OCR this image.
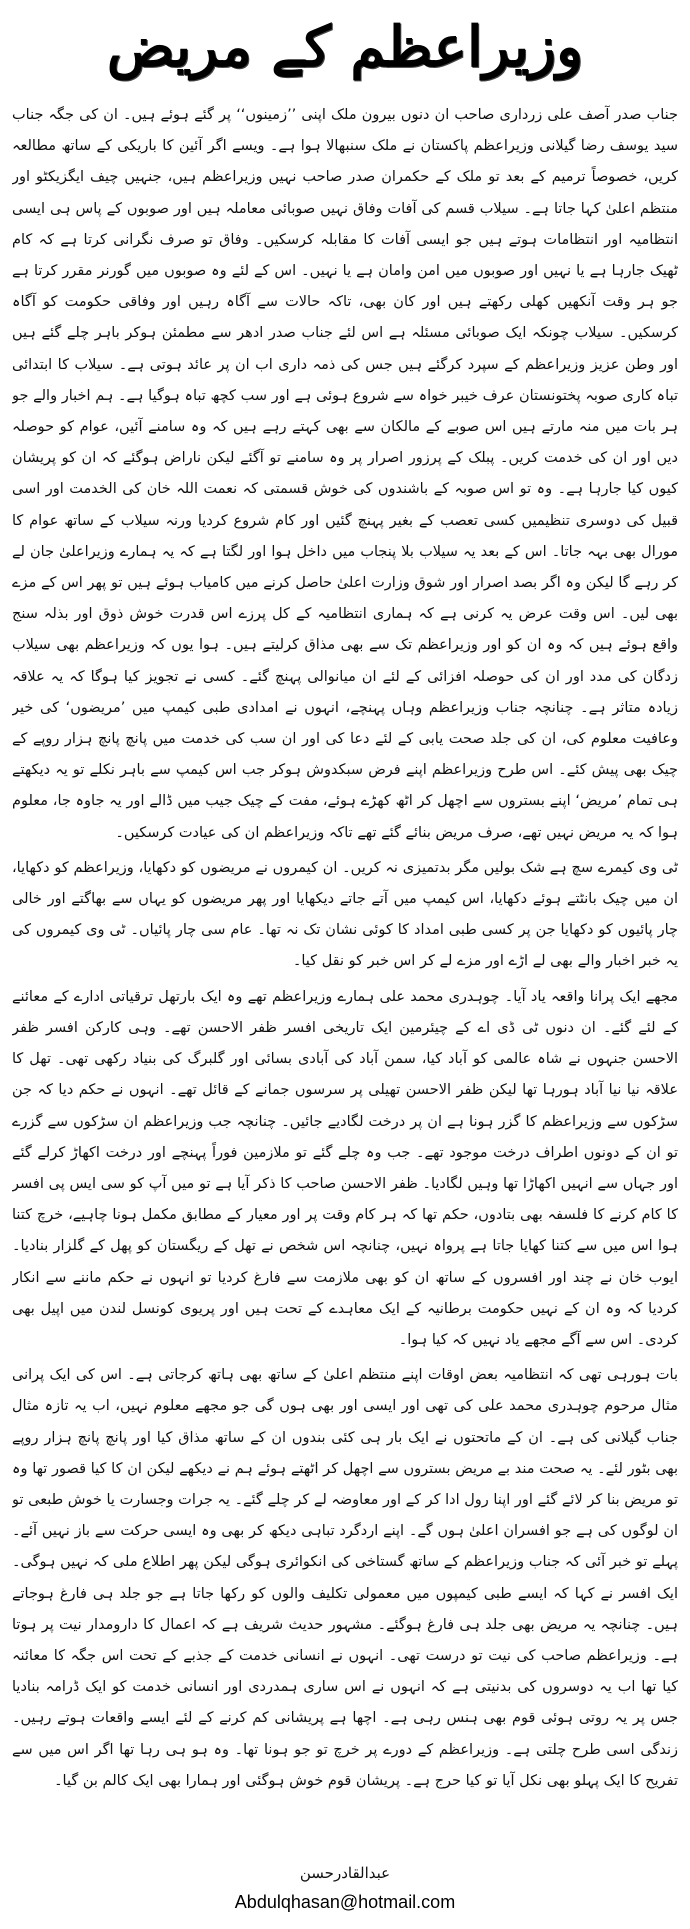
وزیراعظم کے مریض

جناب صدر آصف علی زرداری صاحب ان دنوں بیرون ملک اپنی ’’زمینوں‘‘ پر گئے ہوئے ہیں۔ ان کی جگہ جناب سید یوسف رضا گیلانی وزیراعظم پاکستان نے ملک سنبھالا ہوا ہے۔ ویسے اگر آئین کا باریکی کے ساتھ مطالعہ کریں، خصوصاً ترمیم کے بعد تو ملک کے حکمران صدر صاحب نہیں وزیراعظم ہیں، جنہیں چیف ایگزیکٹو اور منتظم اعلیٰ کہا جاتا ہے۔ سیلاب قسم کی آفات وفاق نہیں صوبائی معاملہ ہیں اور صوبوں کے پاس ہی ایسی انتظامیہ اور انتظامات ہوتے ہیں جو ایسی آفات کا مقابلہ کرسکیں۔ وفاق تو صرف نگرانی کرتا ہے کہ کام ٹھیک جارہا ہے یا نہیں اور صوبوں میں امن وامان ہے یا نہیں۔ اس کے لئے وہ صوبوں میں گورنر مقرر کرتا ہے جو ہر وقت آنکھیں کھلی رکھتے ہیں اور کان بھی، تاکہ حالات سے آگاہ رہیں اور وفاقی حکومت کو آگاہ کرسکیں۔ سیلاب چونکہ ایک صوبائی مسئلہ ہے اس لئے جناب صدر ادھر سے مطمئن ہوکر باہر چلے گئے ہیں اور وطن عزیز وزیراعظم کے سپرد کرگئے ہیں جس کی ذمہ داری اب ان پر عائد ہوتی ہے۔ سیلاب کا ابتدائی تباہ کاری صوبہ پختونستان عرف خیبر خواہ سے شروع ہوئی ہے اور سب کچھ تباہ ہوگیا ہے۔ ہم اخبار والے جو ہر بات میں منہ مارتے ہیں اس صوبے کے مالکان سے بھی کہتے رہے ہیں کہ وہ سامنے آئیں، عوام کو حوصلہ دیں اور ان کی خدمت کریں۔ پبلک کے پرزور اصرار پر وہ سامنے تو آگئے لیکن ناراض ہوگئے کہ ان کو پریشان کیوں کیا جارہا ہے۔ وہ تو اس صوبہ کے باشندوں کی خوش قسمتی کہ نعمت اللہ خان کی الخدمت اور اسی قبیل کی دوسری تنظیمیں کسی تعصب کے بغیر پہنچ گئیں اور کام شروع کردیا ورنہ سیلاب کے ساتھ عوام کا مورال بھی بہہ جاتا۔ اس کے بعد یہ سیلاب بلا پنجاب میں داخل ہوا اور لگتا ہے کہ یہ ہمارے وزیراعلیٰ جان لے کر رہے گا لیکن وہ اگر بصد اصرار اور شوق وزارت اعلیٰ حاصل کرنے میں کامیاب ہوئے ہیں تو پھر اس کے مزے بھی لیں۔ اس وقت عرض یہ کرنی ہے کہ ہماری انتظامیہ کے کل پرزے اس قدرت خوش ذوق اور بذلہ سنج واقع ہوئے ہیں کہ وہ ان کو اور وزیراعظم تک سے بھی مذاق کرلیتے ہیں۔ ہوا یوں کہ وزیراعظم بھی سیلاب زدگان کی مدد اور ان کی حوصلہ افزائی کے لئے ان میانوالی پہنچ گئے۔ کسی نے تجویز کیا ہوگا کہ یہ علاقہ زیادہ متاثر ہے۔ چنانچہ جناب وزیراعظم وہاں پہنچے، انہوں نے امدادی طبی کیمپ میں ’مریضوں‘ کی خیر وعافیت معلوم کی، ان کی جلد صحت یابی کے لئے دعا کی اور ان سب کی خدمت میں پانچ پانچ ہزار روپے کے چیک بھی پیش کئے۔ اس طرح وزیراعظم اپنے فرض سبکدوش ہوکر جب اس کیمپ سے باہر نکلے تو یہ دیکھتے ہی تمام ’مریض‘ اپنے بستروں سے اچھل کر اٹھ کھڑے ہوئے، مفت کے چیک جیب میں ڈالے اور یہ جاوہ جا، معلوم ہوا کہ یہ مریض نہیں تھے، صرف مریض بنائے گئے تھے تاکہ وزیراعظم ان کی عیادت کرسکیں۔

ٹی وی کیمرے سچ ہے شک بولیں مگر بدتمیزی نہ کریں۔ ان کیمروں نے مریضوں کو دکھایا، وزیراعظم کو دکھایا، ان میں چیک بانٹتے ہوئے دکھایا، اس کیمپ میں آتے جاتے دیکھایا اور پھر مریضوں کو یہاں سے بھاگتے اور خالی چار پائیوں کو دکھایا جن پر کسی طبی امداد کا کوئی نشان تک نہ تھا۔ عام سی چار پائیاں۔ ٹی وی کیمروں کی یہ خبر اخبار والے بھی لے اڑے اور مزے لے کر اس خبر کو نقل کیا۔

مجھے ایک پرانا واقعہ یاد آیا۔ چوہدری محمد علی ہمارے وزیراعظم تھے وہ ایک بارتھل ترقیاتی ادارے کے معائنے کے لئے گئے۔ ان دنوں ٹی ڈی اے کے چیئرمین ایک تاریخی افسر ظفر الاحسن تھے۔ وہی کارکن افسر ظفر الاحسن جنہوں نے شاہ عالمی کو آباد کیا، سمن آباد کی آبادی بسائی اور گلبرگ کی بنیاد رکھی تھی۔ تھل کا علاقہ نیا نیا آباد ہورہا تھا لیکن ظفر الاحسن تھیلی پر سرسوں جمانے کے قائل تھے۔ انہوں نے حکم دیا کہ جن سڑکوں سے وزیراعظم کا گزر ہونا ہے ان پر درخت لگادیے جائیں۔ چنانچہ جب وزیراعظم ان سڑکوں سے گزرے تو ان کے دونوں اطراف درخت موجود تھے۔ جب وہ چلے گئے تو ملازمین فوراً پہنچے اور درخت اکھاڑ کرلے گئے اور جہاں سے انہیں اکھاڑا تھا وہیں لگادیا۔ ظفر الاحسن صاحب کا ذکر آیا ہے تو میں آپ کو سی ایس پی افسر کا کام کرنے کا فلسفہ بھی بتادوں، حکم تھا کہ ہر کام وقت پر اور معیار کے مطابق مکمل ہونا چاہیے، خرچ کتنا ہوا اس میں سے کتنا کھایا جاتا ہے پرواہ نہیں، چنانچہ اس شخص نے تھل کے ریگستان کو پھل کے گلزار بنادیا۔ ایوب خان نے چند اور افسروں کے ساتھ ان کو بھی ملازمت سے فارغ کردیا تو انہوں نے حکم ماننے سے انکار کردیا کہ وہ ان کے نہیں حکومت برطانیہ کے ایک معاہدے کے تحت ہیں اور پریوی کونسل لندن میں اپیل بھی کردی۔ اس سے آگے مجھے یاد نہیں کہ کیا ہوا۔

بات ہورہی تھی کہ انتظامیہ بعض اوقات اپنے منتظم اعلیٰ کے ساتھ بھی ہاتھ کرجاتی ہے۔ اس کی ایک پرانی مثال مرحوم چوہدری محمد علی کی تھی اور ایسی اور بھی ہوں گی جو مجھے معلوم نہیں، اب یہ تازہ مثال جناب گیلانی کی ہے۔ ان کے ماتحتوں نے ایک بار ہی کئی بندوں ان کے ساتھ مذاق کیا اور پانچ پانچ ہزار روپے بھی بٹور لئے۔ یہ صحت مند بے مریض بستروں سے اچھل کر اٹھتے ہوئے ہم نے دیکھے لیکن ان کا کیا قصور تھا وہ تو مریض بنا کر لائے گئے اور اپنا رول ادا کر کے اور معاوضہ لے کر چلے گئے۔ یہ جرات وجسارت یا خوش طبعی تو ان لوگوں کی ہے جو افسران اعلیٰ ہوں گے۔ اپنے اردگرد تباہی دیکھ کر بھی وہ ایسی حرکت سے باز نہیں آئے۔ پہلے تو خبر آئی کہ جناب وزیراعظم کے ساتھ گستاخی کی انکوائری ہوگی لیکن پھر اطلاع ملی کہ نہیں ہوگی۔ ایک افسر نے کہا کہ ایسے طبی کیمپوں میں معمولی تکلیف والوں کو رکھا جاتا ہے جو جلد ہی فارغ ہوجاتے ہیں۔ چنانچہ یہ مریض بھی جلد ہی فارغ ہوگئے۔ مشہور حدیث شریف ہے کہ اعمال کا دارومدار نیت پر ہوتا ہے۔ وزیراعظم صاحب کی نیت تو درست تھی۔ انہوں نے انسانی خدمت کے جذبے کے تحت اس جگہ کا معائنہ کیا تھا اب یہ دوسروں کی بدنیتی ہے کہ انہوں نے اس ساری ہمدردی اور انسانی خدمت کو ایک ڈرامہ بنادیا جس پر یہ روتی ہوئی قوم بھی ہنس رہی ہے۔ اچھا ہے پریشانی کم کرنے کے لئے ایسے واقعات ہوتے رہیں۔ زندگی اسی طرح چلتی ہے۔ وزیراعظم کے دورے پر خرچ تو جو ہونا تھا۔ وہ ہو ہی رہا تھا اگر اس میں سے تفریح کا ایک پہلو بھی نکل آیا تو کیا حرج ہے۔ پریشان قوم خوش ہوگئی اور ہمارا بھی ایک کالم بن گیا۔

عبدالقادرحسن
Abdulqhasan@hotmail.com
